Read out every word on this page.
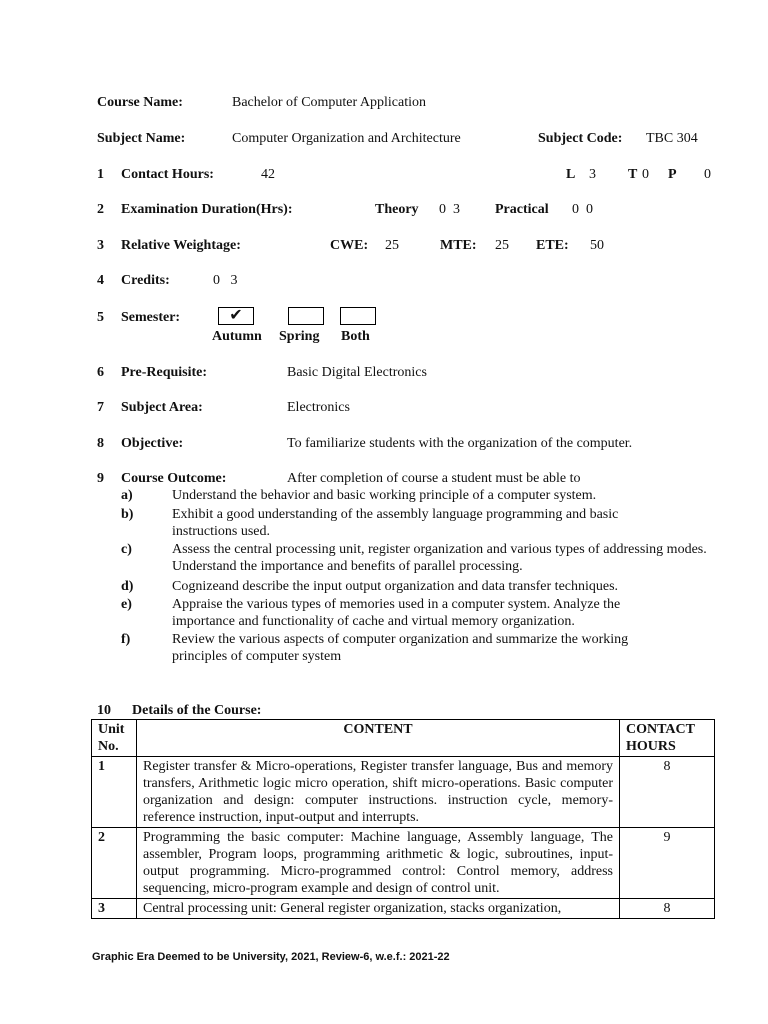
Course Name:	Bachelor of Computer Application
Subject Name:	Computer Organization and Architecture	Subject Code: TBC 304
1 Contact Hours:	42	L 3 T 0 P 0
2 Examination Duration(Hrs):	Theory 0  3	Practical 0  0
3 Relative Weightage:	CWE: 25	MTE: 25 ETE: 50
4 Credits:	0   3
5 Semester:	✔
Autumn Spring Both
6 Pre-Requisite:	Basic Digital Electronics
7 Subject Area:	Electronics
8 Objective:	To familiarize students with the organization of the computer.
9 Course Outcome:	After completion of course a student must be able to
a)	Understand the behavior and basic working principle of a computer system.
b)	Exhibit a good understanding of the assembly language programming and basic instructions used.
c)	Assess the central processing unit, register organization and various types of addressing modes. Understand the importance and benefits of parallel processing.
d)	Cognizeand describe the input output organization and data transfer techniques.
e)	Appraise the various types of memories used in a computer system. Analyze the importance and functionality of cache and virtual memory organization.
f)	Review the various aspects of computer organization and summarize the working principles of computer system
10 Details of the Course:
Unit No.	CONTENT	CONTACT HOURS
1	Register transfer & Micro-operations, Register transfer language, Bus and memory transfers, Arithmetic logic micro operation, shift micro-operations. Basic computer organization and design: computer instructions. instruction cycle, memory-reference instruction, input-output and interrupts.	8
2	Programming the basic computer: Machine language, Assembly language, The assembler, Program loops, programming arithmetic & logic, subroutines, input-output programming. Micro-programmed control: Control memory, address sequencing, micro-program example and design of control unit.	9
3	Central processing unit: General register organization, stacks organization,	8
Graphic Era Deemed to be University, 2021, Review-6, w.e.f.: 2021-22
